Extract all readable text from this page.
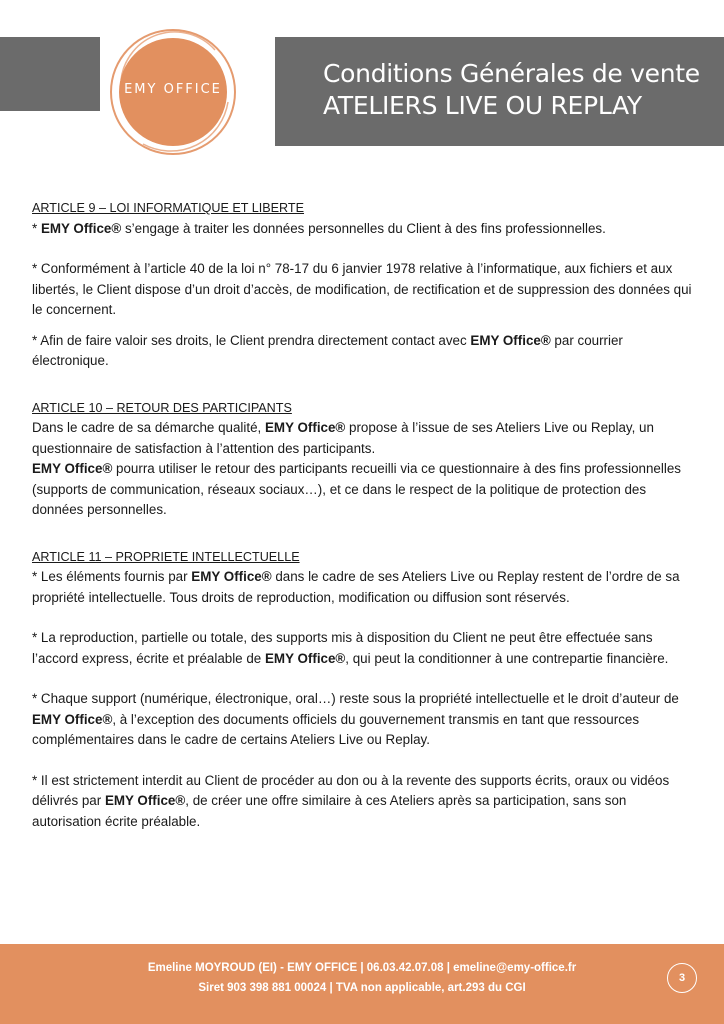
Conditions Générales de vente
ATELIERS LIVE OU REPLAY
EMY OFFICE

ARTICLE 9 – LOI INFORMATIQUE ET LIBERTE

* EMY Office® s’engage à traiter les données personnelles du Client à des fins professionnelles.

* Conformément à l’article 40 de la loi n° 78-17 du 6 janvier 1978 relative à l’informatique, aux fichiers et aux libertés, le Client dispose d’un droit d’accès, de modification, de rectification et de suppression des données qui le concernent.

* Afin de faire valoir ses droits, le Client prendra directement contact avec EMY Office® par courrier électronique.

ARTICLE 10 – RETOUR DES PARTICIPANTS

Dans le cadre de sa démarche qualité, EMY Office® propose à l’issue de ses Ateliers Live ou Replay, un questionnaire de satisfaction à l’attention des participants.

EMY Office® pourra utiliser le retour des participants recueilli via ce questionnaire à des fins professionnelles (supports de communication, réseaux sociaux…), et ce dans le respect de la politique de protection des données personnelles.

ARTICLE 11 – PROPRIETE INTELLECTUELLE

* Les éléments fournis par EMY Office® dans le cadre de ses Ateliers Live ou Replay restent de l’ordre de sa propriété intellectuelle. Tous droits de reproduction, modification ou diffusion sont réservés.

* La reproduction, partielle ou totale, des supports mis à disposition du Client ne peut être effectuée sans l’accord express, écrite et préalable de EMY Office®, qui peut la conditionner à une contrepartie financière.

* Chaque support (numérique, électronique, oral…) reste sous la propriété intellectuelle et le droit d’auteur de EMY Office®, à l’exception des documents officiels du gouvernement transmis en tant que ressources complémentaires dans le cadre de certains Ateliers Live ou Replay.

* Il est strictement interdit au Client de procéder au don ou à la revente des supports écrits, oraux ou vidéos délivrés par EMY Office®, de créer une offre similaire à ces Ateliers après sa participation, sans son autorisation écrite préalable.

Emeline MOYROUD (EI) - EMY OFFICE | 06.03.42.07.08 | emeline@emy-office.fr
Siret 903 398 881 00024 | TVA non applicable, art.293 du CGI
3
